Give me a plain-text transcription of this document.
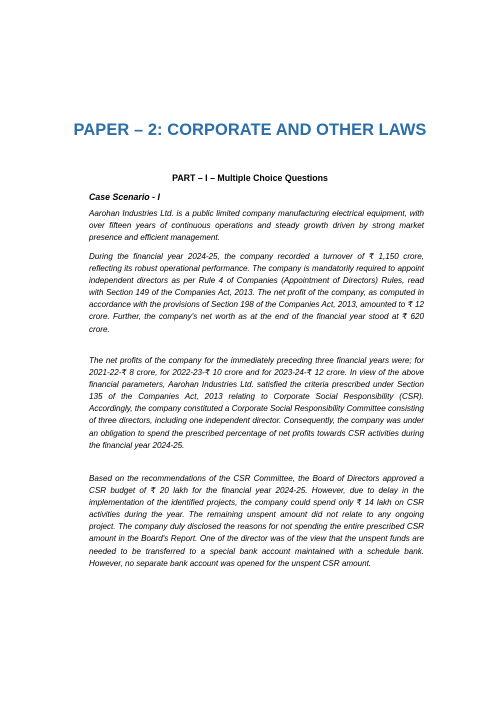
PAPER – 2: CORPORATE AND OTHER LAWS
PART – I – Multiple Choice Questions
Case Scenario - I

Aarohan Industries Ltd. is a public limited company manufacturing electrical equipment, with over fifteen years of continuous operations and steady growth driven by strong market presence and efficient management.

During the financial year 2024-25, the company recorded a turnover of ₹ 1,150 crore, reflecting its robust operational performance. The company is mandatorily required to appoint independent directors as per Rule 4 of Companies (Appointment of Directors) Rules, read with Section 149 of the Companies Act, 2013. The net profit of the company, as computed in accordance with the provisions of Section 198 of the Companies Act, 2013, amounted to ₹ 12 crore. Further, the company's net worth as at the end of the financial year stood at ₹ 620 crore.

The net profits of the company for the immediately preceding three financial years were; for 2021-22-₹ 8 crore, for 2022-23-₹ 10 crore and for 2023-24-₹ 12 crore. In view of the above financial parameters, Aarohan Industries Ltd. satisfied the criteria prescribed under Section 135 of the Companies Act, 2013 relating to Corporate Social Responsibility (CSR). Accordingly, the company constituted a Corporate Social Responsibility Committee consisting of three directors, including one independent director. Consequently, the company was under an obligation to spend the prescribed percentage of net profits towards CSR activities during the financial year 2024-25.

Based on the recommendations of the CSR Committee, the Board of Directors approved a CSR budget of ₹ 20 lakh for the financial year 2024-25. However, due to delay in the implementation of the identified projects, the company could spend only ₹ 14 lakh on CSR activities during the year. The remaining unspent amount did not relate to any ongoing project. The company duly disclosed the reasons for not spending the entire prescribed CSR amount in the Board's Report. One of the director was of the view that the unspent funds are needed to be transferred to a special bank account maintained with a schedule bank. However, no separate bank account was opened for the unspent CSR amount.
